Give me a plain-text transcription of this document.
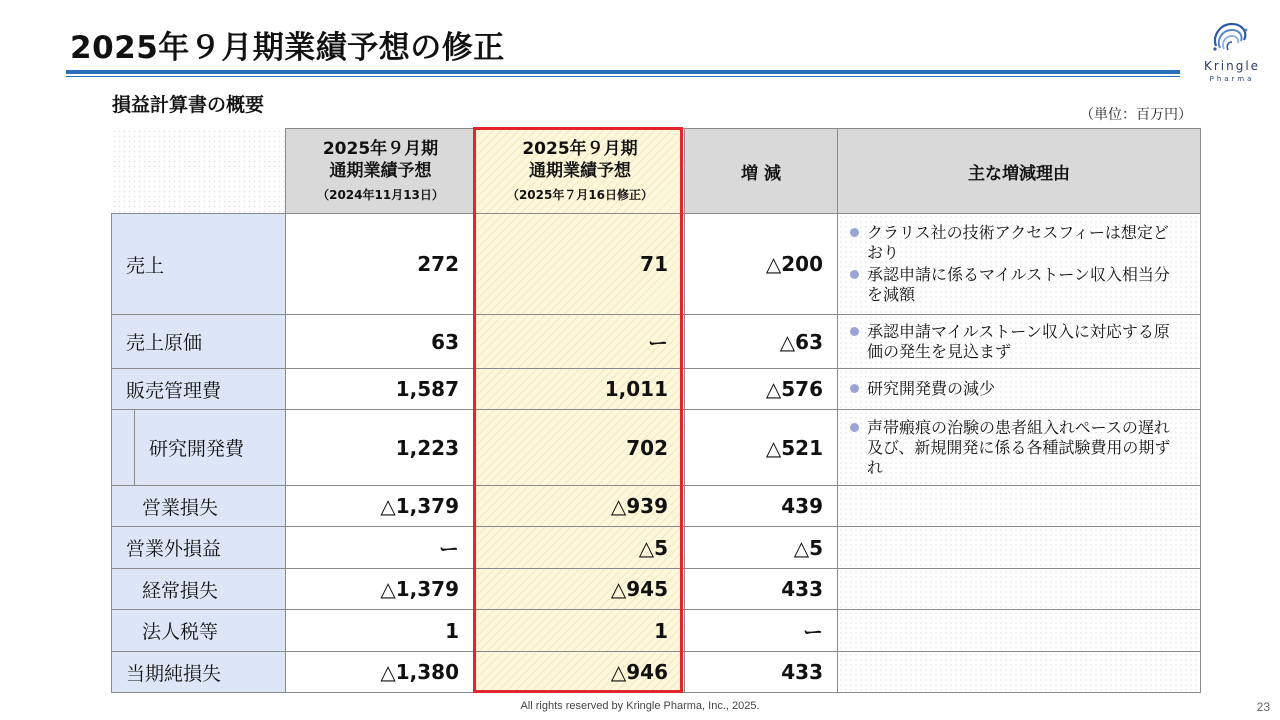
2025年９月期業績予想の修正	Kringle
Pharma
損益計算書の概要	（単位：百万円）

	2025年９月期
通期業績予想
（2024年11月13日）	2025年９月期
通期業績予想
（2025年７月16日修正）	増 減	主な増減理由
売上	272	71	△200	クラリス社の技術アクセスフィーは想定どおり
承認申請に係るマイルストーン収入相当分を減額

売上原価	63	ー	△63	承認申請マイルストーン収入に対応する原価の発生を見込まず

販売管理費	1,587	1,011	△576	研究開発費の減少

研究開発費	1,223	702	△521	声帯瘢痕の治験の患者組入れペースの遅れ及び、新規開発に係る各種試験費用の期ずれ

営業損失	△1,379	△939	439	
営業外損益	ー	△5	△5	
経常損失	△1,379	△945	433	
法人税等	1	1	ー	
当期純損失	△1,380	△946	433	
All rights reserved by Kringle Pharma, Inc., 2025.	23
